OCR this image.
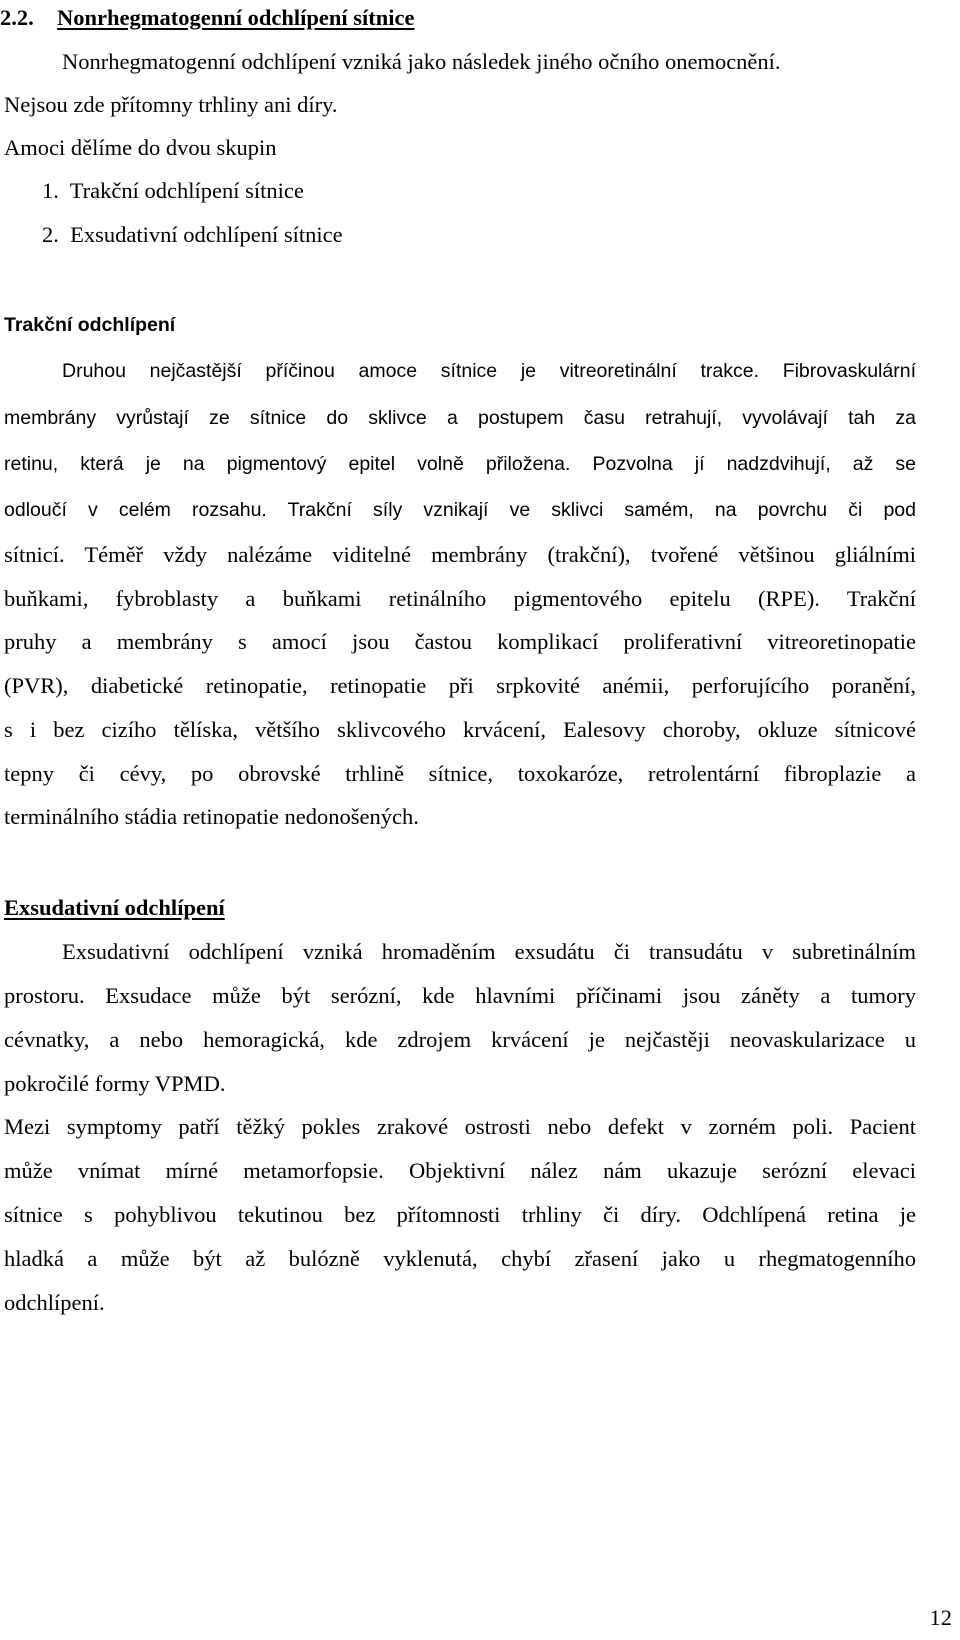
2.2. Nonrhegmatogenní odchlípení sítnice

Nonrhegmatogenní odchlípení vzniká jako následek jiného očního onemocnění.

Nejsou zde přítomny trhliny ani díry.

Amoci dělíme do dvou skupin

1.  Trakční odchlípení sítnice

2.  Exsudativní odchlípení sítnice

Trakční odchlípení

Druhou nejčastější příčinou amoce sítnice je vitreoretinální trakce. Fibrovaskulární

membrány vyrůstají ze sítnice do sklivce a postupem času retrahují, vyvolávají tah za

retinu, která je na pigmentový epitel volně přiložena. Pozvolna jí nadzdvihují, až se

odloučí v celém rozsahu. Trakční síly vznikají ve sklivci samém, na povrchu či pod

sítnicí. Téměř vždy nalézáme viditelné membrány (trakční), tvořené většinou gliálními

buňkami, fybroblasty a buňkami retinálního pigmentového epitelu (RPE). Trakční

pruhy a membrány s amocí jsou častou komplikací proliferativní vitreoretinopatie

(PVR), diabetické retinopatie, retinopatie při srpkovité anémii, perforujícího poranění,

s i bez cizího tělíska, většího sklivcového krvácení, Ealesovy choroby, okluze sítnicové

tepny či cévy, po obrovské trhlině sítnice, toxokaróze, retrolentární fibroplazie a

terminálního stádia retinopatie nedonošených.

Exsudativní odchlípení

Exsudativní odchlípení vzniká hromaděním exsudátu či transudátu v subretinálním

prostoru. Exsudace může být serózní, kde hlavními příčinami jsou záněty a tumory

cévnatky, a nebo hemoragická, kde zdrojem krvácení je nejčastěji neovaskularizace u

pokročilé formy VPMD.

Mezi symptomy patří těžký pokles zrakové ostrosti nebo defekt v zorném poli. Pacient

může vnímat mírné metamorfopsie. Objektivní nález nám ukazuje serózní elevaci

sítnice s pohyblivou tekutinou bez přítomnosti trhliny či díry. Odchlípená retina je

hladká a může být až bulózně vyklenutá, chybí zřasení jako u rhegmatogenního

odchlípení.

12
